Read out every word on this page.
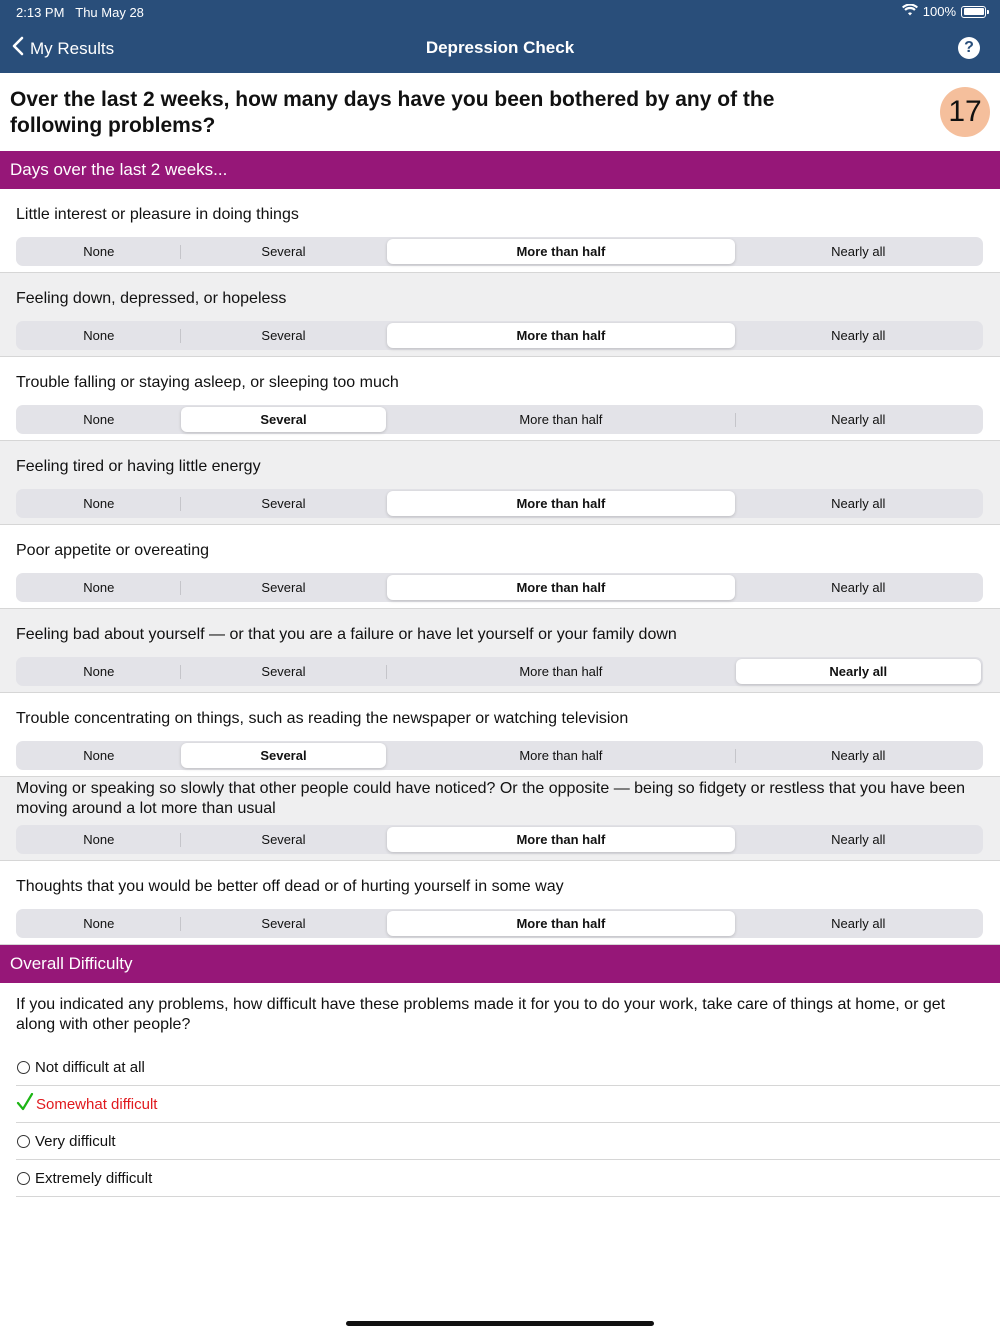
2:13 PM Thu May 28	100%
My Results	Depression Check	?
Over the last 2 weeks, how many days have you been bothered by any of the following problems?	17
Days over the last 2 weeks...
Little interest or pleasure in doing things
None	Several	More than half	Nearly all
Feeling down, depressed, or hopeless
None	Several	More than half	Nearly all
Trouble falling or staying asleep, or sleeping too much
None	Several	More than half	Nearly all
Feeling tired or having little energy
None	Several	More than half	Nearly all
Poor appetite or overeating
None	Several	More than half	Nearly all
Feeling bad about yourself — or that you are a failure or have let yourself or your family down
None	Several	More than half	Nearly all
Trouble concentrating on things, such as reading the newspaper or watching television
None	Several	More than half	Nearly all
Moving or speaking so slowly that other people could have noticed? Or the opposite — being so fidgety or restless that you have been moving around a lot more than usual
None	Several	More than half	Nearly all
Thoughts that you would be better off dead or of hurting yourself in some way
None	Several	More than half	Nearly all
Overall Difficulty
If you indicated any problems, how difficult have these problems made it for you to do your work, take care of things at home, or get along with other people?
Not difficult at all
Somewhat difficult
Very difficult
Extremely difficult
